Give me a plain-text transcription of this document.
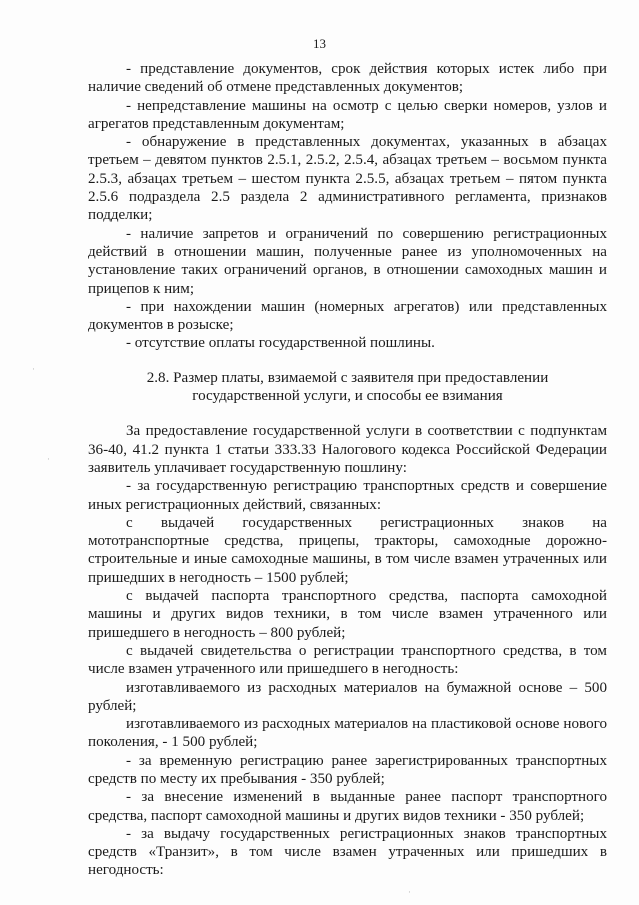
13

- представление документов, срок действия которых истек либо при наличие сведений об отмене представленных документов;

- непредставление машины на осмотр с целью сверки номеров, узлов и агрегатов представленным документам;

- обнаружение в представленных документах, указанных в абзацах третьем – девятом пунктов 2.5.1, 2.5.2, 2.5.4, абзацах третьем – восьмом пункта 2.5.3, абзацах третьем – шестом пункта 2.5.5, абзацах третьем – пятом пункта 2.5.6 подраздела 2.5 раздела 2 административного регламента, признаков подделки;

- наличие запретов и ограничений по совершению регистрационных действий в отношении машин, полученные ранее из уполномоченных на установление таких ограничений органов, в отношении самоходных машин и прицепов к ним;

- при нахождении машин (номерных агрегатов) или представленных документов в розыске;

- отсутствие оплаты государственной пошлины.

2.8. Размер платы, взимаемой с заявителя при предоставлении государственной услуги, и способы ее взимания

За предоставление государственной услуги в соответствии с подпунктам 36-40, 41.2 пункта 1 статьи 333.33 Налогового кодекса Российской Федерации заявитель уплачивает государственную пошлину:

- за государственную регистрацию транспортных средств и совершение иных регистрационных действий, связанных:

с выдачей государственных регистрационных знаков на мототранспортные средства, прицепы, тракторы, самоходные дорожно-строительные и иные самоходные машины, в том числе взамен утраченных или пришедших в негодность – 1500 рублей;

с выдачей паспорта транспортного средства, паспорта самоходной машины и других видов техники, в том числе взамен утраченного или пришедшего в негодность – 800 рублей;

с выдачей свидетельства о регистрации транспортного средства, в том числе взамен утраченного или пришедшего в негодность:

изготавливаемого из расходных материалов на бумажной основе – 500 рублей;

изготавливаемого из расходных материалов на пластиковой основе нового поколения, - 1 500 рублей;

- за временную регистрацию ранее зарегистрированных транспортных средств по месту их пребывания - 350 рублей;

- за внесение изменений в выданные ранее паспорт транспортного средства, паспорт самоходной машины и других видов техники - 350 рублей;

- за выдачу государственных регистрационных знаков транспортных средств «Транзит», в том числе взамен утраченных или пришедших в негодность:

·
·
·
